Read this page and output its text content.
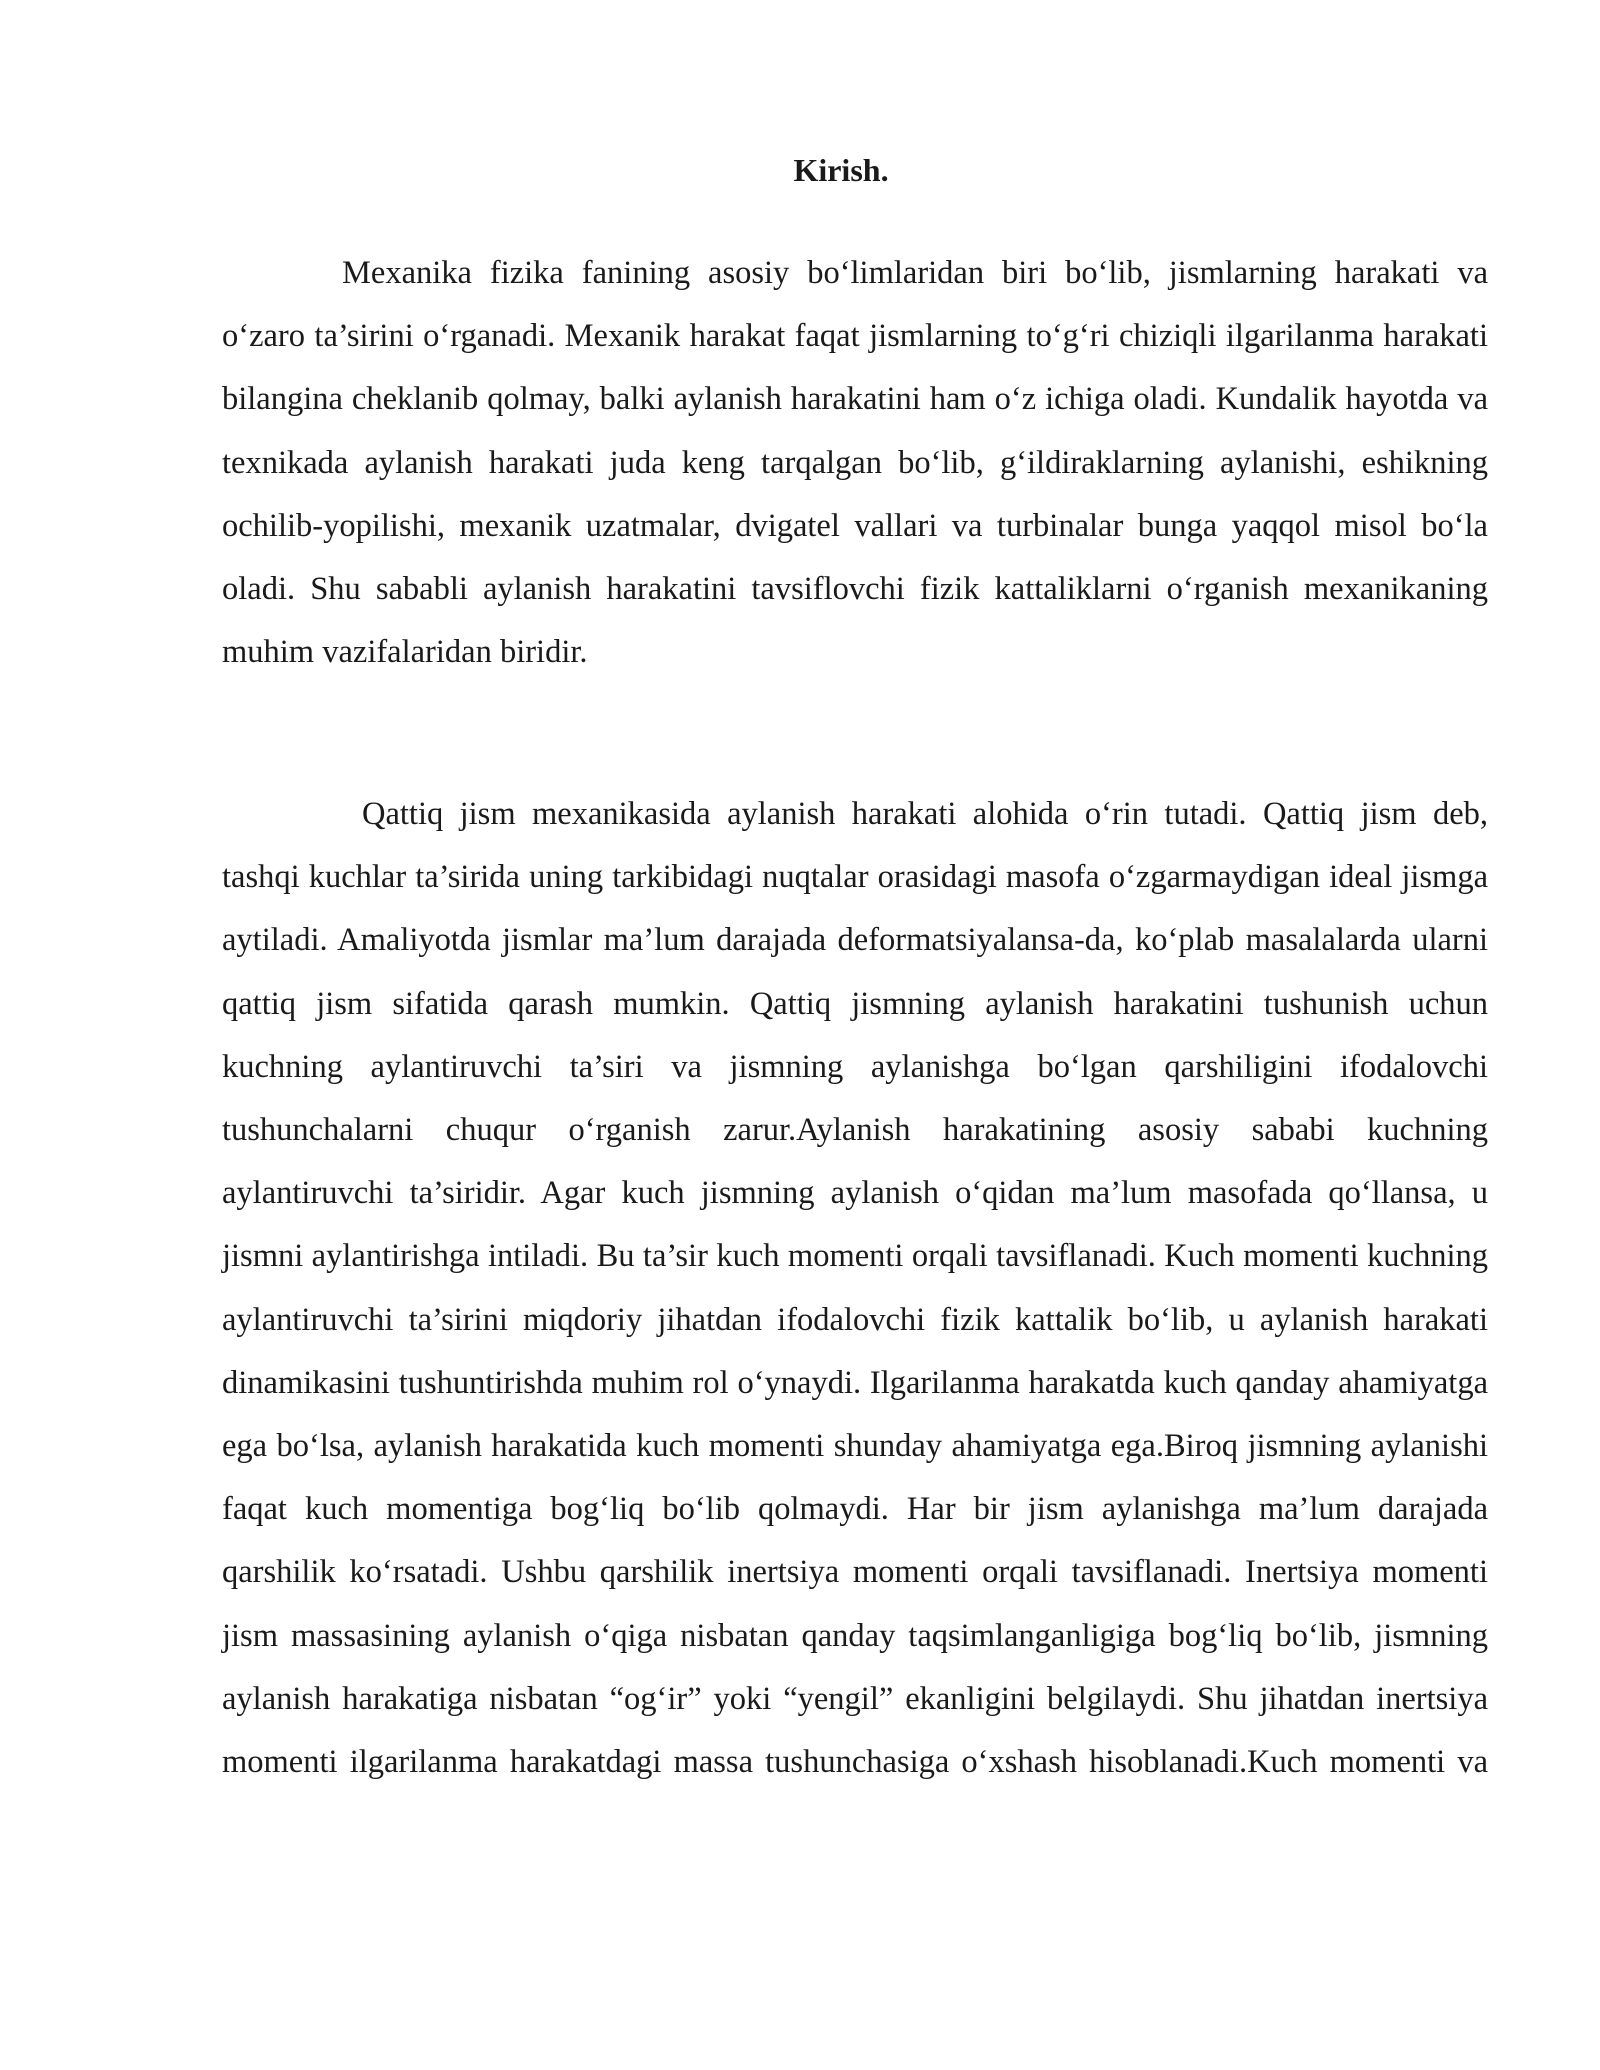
Kirish.

Mexanika fizika fanining asosiy bo‘limlaridan biri bo‘lib, jismlarning harakati va o‘zaro ta’sirini o‘rganadi. Mexanik harakat faqat jismlarning to‘g‘ri chiziqli ilgarilanma harakati bilangina cheklanib qolmay, balki aylanish harakatini ham o‘z ichiga oladi. Kundalik hayotda va texnikada aylanish harakati juda keng tarqalgan bo‘lib, g‘ildiraklarning aylanishi, eshikning ochilib-yopilishi, mexanik uzatmalar, dvigatel vallari va turbinalar bunga yaqqol misol bo‘la oladi. Shu sababli aylanish harakatini tavsiflovchi fizik kattaliklarni o‘rganish mexanikaning muhim vazifalaridan biridir.

Qattiq jism mexanikasida aylanish harakati alohida o‘rin tutadi. Qattiq jism deb, tashqi kuchlar ta’sirida uning tarkibidagi nuqtalar orasidagi masofa o‘zgarmaydigan ideal jismga aytiladi. Amaliyotda jismlar ma’lum darajada deformatsiyalansa-da, ko‘plab masalalarda ularni qattiq jism sifatida qarash mumkin. Qattiq jismning aylanish harakatini tushunish uchun kuchning aylantiruvchi ta’siri va jismning aylanishga bo‘lgan qarshiligini ifodalovchi tushunchalarni chuqur o‘rganish zarur.Aylanish harakatining asosiy sababi kuchning aylantiruvchi ta’siridir. Agar kuch jismning aylanish o‘qidan ma’lum masofada qo‘llansa, u jismni aylantirishga intiladi. Bu ta’sir kuch momenti orqali tavsiflanadi. Kuch momenti kuchning aylantiruvchi ta’sirini miqdoriy jihatdan ifodalovchi fizik kattalik bo‘lib, u aylanish harakati dinamikasini tushuntirishda muhim rol o‘ynaydi. Ilgarilanma harakatda kuch qanday ahamiyatga ega bo‘lsa, aylanish harakatida kuch momenti shunday ahamiyatga ega.Biroq jismning aylanishi faqat kuch momentiga bog‘liq bo‘lib qolmaydi. Har bir jism aylanishga ma’lum darajada qarshilik ko‘rsatadi. Ushbu qarshilik inertsiya momenti orqali tavsiflanadi. Inertsiya momenti jism massasining aylanish o‘qiga nisbatan qanday taqsimlanganligiga bog‘liq bo‘lib, jismning aylanish harakatiga nisbatan “og‘ir” yoki “yengil” ekanligini belgilaydi. Shu jihatdan inertsiya momenti ilgarilanma harakatdagi massa tushunchasiga o‘xshash hisoblanadi.Kuch momenti va
